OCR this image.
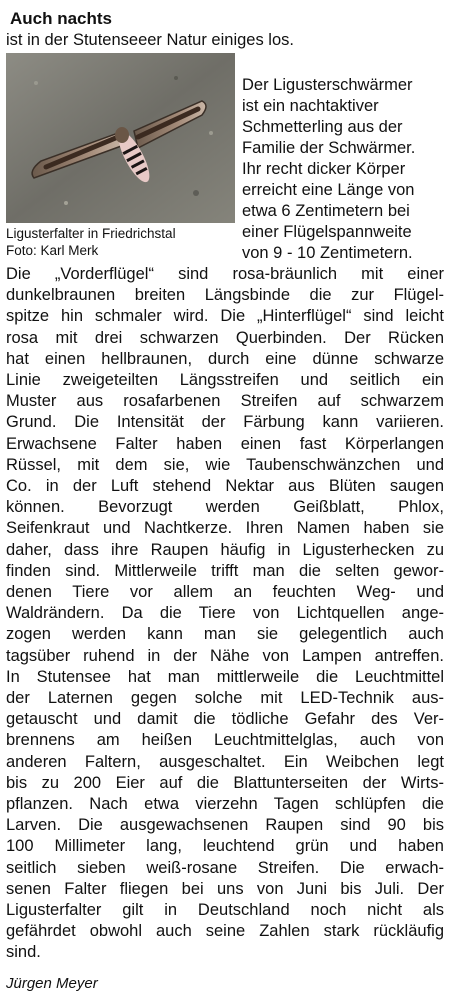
Auch nachts
ist in der Stutenseeer Natur einiges los.
Ligusterfalter in Friedrichstal
Foto: Karl Merk
Der Ligusterschwärmer
ist ein nachtaktiver
Schmetterling aus der
Familie der Schwärmer.
Ihr recht dicker Körper
erreicht eine Länge von
etwa 6 Zentimetern bei
einer Flügelspannweite
von 9 - 10 Zentimetern.
Die „Vorderflügel“ sind rosa-bräunlich mit einer
dunkelbraunen breiten Längsbinde die zur Flügel-
spitze hin schmaler wird. Die „Hinterflügel“ sind leicht
rosa mit drei schwarzen Querbinden. Der Rücken
hat einen hellbraunen, durch eine dünne schwarze
Linie zweigeteilten Längsstreifen und seitlich ein
Muster aus rosafarbenen Streifen auf schwarzem
Grund. Die Intensität der Färbung kann variieren.
Erwachsene Falter haben einen fast Körperlangen
Rüssel, mit dem sie, wie Taubenschwänzchen und
Co. in der Luft stehend Nektar aus Blüten saugen
können. Bevorzugt werden Geißblatt, Phlox,
Seifenkraut und Nachtkerze. Ihren Namen haben sie
daher, dass ihre Raupen häufig in Ligusterhecken zu
finden sind. Mittlerweile trifft man die selten gewor-
denen Tiere vor allem an feuchten Weg- und
Waldrändern. Da die Tiere von Lichtquellen ange-
zogen werden kann man sie gelegentlich auch
tagsüber ruhend in der Nähe von Lampen antreffen.
In Stutensee hat man mittlerweile die Leuchtmittel
der Laternen gegen solche mit LED-Technik aus-
getauscht und damit die tödliche Gefahr des Ver-
brennens am heißen Leuchtmittelglas, auch von
anderen Faltern, ausgeschaltet. Ein Weibchen legt
bis zu 200 Eier auf die Blattunterseiten der Wirts-
pflanzen. Nach etwa vierzehn Tagen schlüpfen die
Larven. Die ausgewachsenen Raupen sind 90 bis
100 Millimeter lang, leuchtend grün und haben
seitlich sieben weiß-rosane Streifen. Die erwach-
senen Falter fliegen bei uns von Juni bis Juli. Der
Ligusterfalter gilt in Deutschland noch nicht als
gefährdet obwohl auch seine Zahlen stark rückläufig
sind.
Jürgen Meyer
